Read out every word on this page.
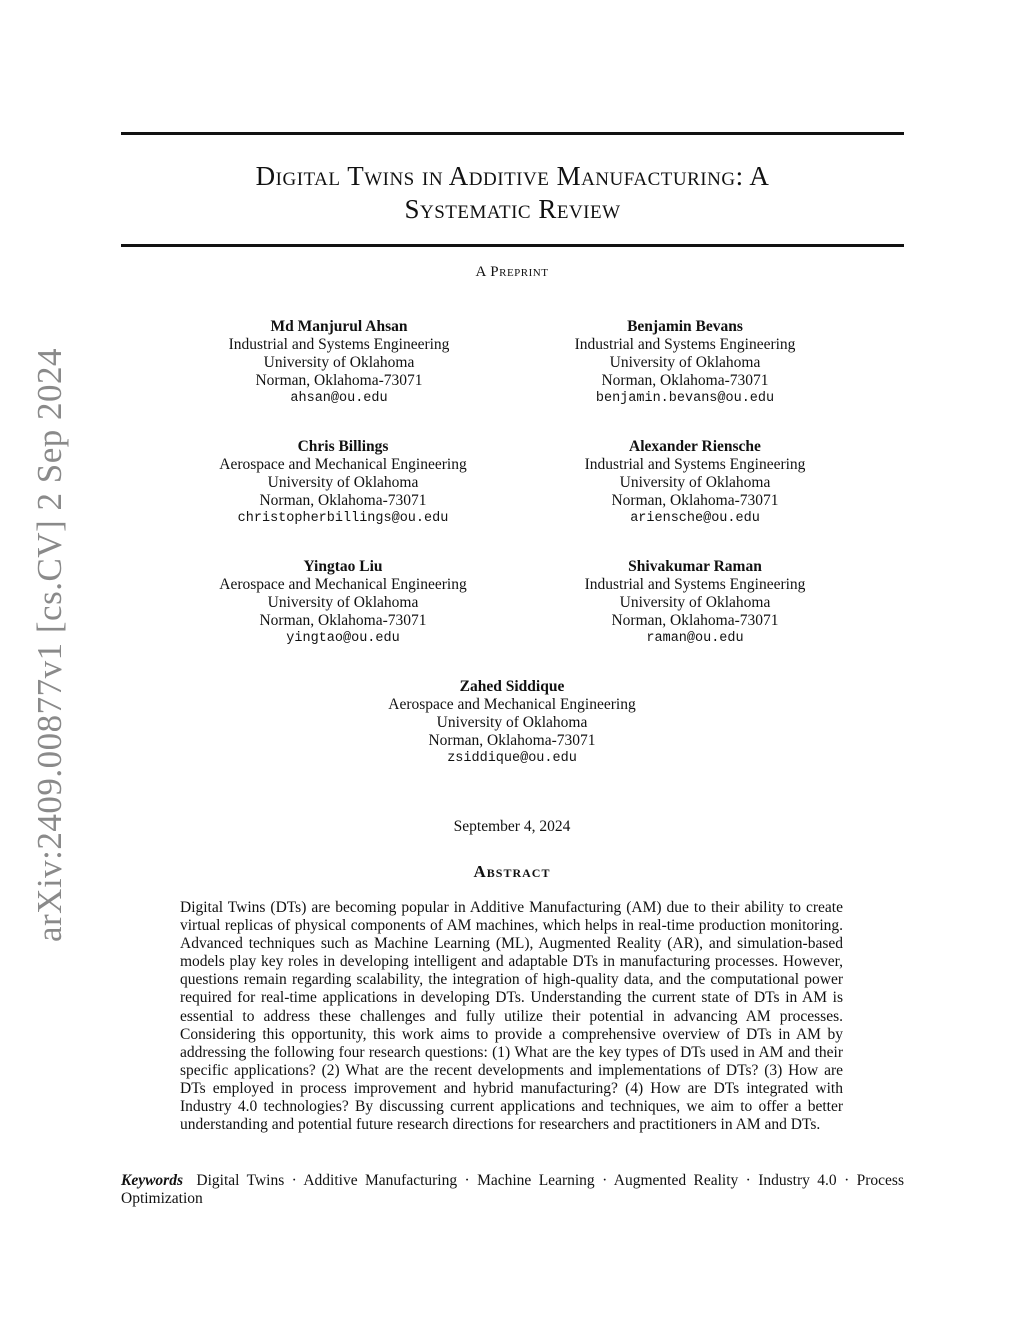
arXiv:2409.00877v1 [cs.CV] 2 Sep 2024
Digital Twins in Additive Manufacturing: A
Systematic Review
A Preprint
Md Manjurul Ahsan
Industrial and Systems Engineering
University of Oklahoma
Norman, Oklahoma-73071
ahsan@ou.edu
Benjamin Bevans
Industrial and Systems Engineering
University of Oklahoma
Norman, Oklahoma-73071
benjamin.bevans@ou.edu
Chris Billings
Aerospace and Mechanical Engineering
University of Oklahoma
Norman, Oklahoma-73071
christopherbillings@ou.edu
Alexander Riensche
Industrial and Systems Engineering
University of Oklahoma
Norman, Oklahoma-73071
ariensche@ou.edu
Yingtao Liu
Aerospace and Mechanical Engineering
University of Oklahoma
Norman, Oklahoma-73071
yingtao@ou.edu
Shivakumar Raman
Industrial and Systems Engineering
University of Oklahoma
Norman, Oklahoma-73071
raman@ou.edu
Zahed Siddique
Aerospace and Mechanical Engineering
University of Oklahoma
Norman, Oklahoma-73071
zsiddique@ou.edu
September 4, 2024
Abstract
Digital Twins (DTs) are becoming popular in Additive Manufacturing (AM) due to their ability to create virtual replicas of physical components of AM machines, which helps in real-time production monitoring. Advanced techniques such as Machine Learning (ML), Augmented Reality (AR), and simulation-based models play key roles in developing intelligent and adaptable DTs in manufacturing processes. However, questions remain regarding scalability, the integration of high-quality data, and the computational power required for real-time applications in developing DTs. Understanding the current state of DTs in AM is essential to address these challenges and fully utilize their potential in advancing AM processes. Considering this opportunity, this work aims to provide a comprehensive overview of DTs in AM by addressing the following four research questions: (1) What are the key types of DTs used in AM and their specific applications? (2) What are the recent developments and implementations of DTs? (3) How are DTs employed in process improvement and hybrid manufacturing? (4) How are DTs integrated with Industry 4.0 technologies? By discussing current applications and techniques, we aim to offer a better understanding and potential future research directions for researchers and practitioners in AM and DTs.
Keywords Digital Twins · Additive Manufacturing · Machine Learning · Augmented Reality · Industry 4.0 · Process Optimization
